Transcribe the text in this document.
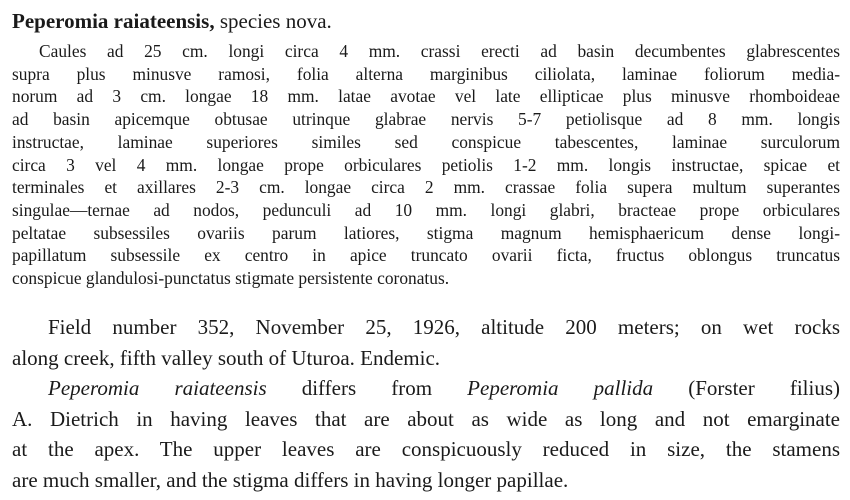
Peperomia raiateensis, species nova.
Caules ad 25 cm. longi circa 4 mm. crassi erecti ad basin decumbentes glabrescentes
supra plus minusve ramosi, folia alterna marginibus ciliolata, laminae foliorum media-
norum ad 3 cm. longae 18 mm. latae avotae vel late ellipticae plus minusve rhomboideae
ad basin apicemque obtusae utrinque glabrae nervis 5-7 petiolisque ad 8 mm. longis
instructae, laminae superiores similes sed conspicue tabescentes, laminae surculorum
circa 3 vel 4 mm. longae prope orbiculares petiolis 1-2 mm. longis instructae, spicae et
terminales et axillares 2-3 cm. longae circa 2 mm. crassae folia supera multum superantes
singulae—ternae ad nodos, pedunculi ad 10 mm. longi glabri, bracteae prope orbiculares
peltatae subsessiles ovariis parum latiores, stigma magnum hemisphaericum dense longi-
papillatum subsessile ex centro in apice truncato ovarii ficta, fructus oblongus truncatus
conspicue glandulosi-punctatus stigmate persistente coronatus.
Field number 352, November 25, 1926, altitude 200 meters; on wet rocks
along creek, fifth valley south of Uturoa. Endemic.
Peperomia raiateensis differs from Peperomia pallida (Forster filius)
A. Dietrich in having leaves that are about as wide as long and not emarginate
at the apex. The upper leaves are conspicuously reduced in size, the stamens
are much smaller, and the stigma differs in having longer papillae.
